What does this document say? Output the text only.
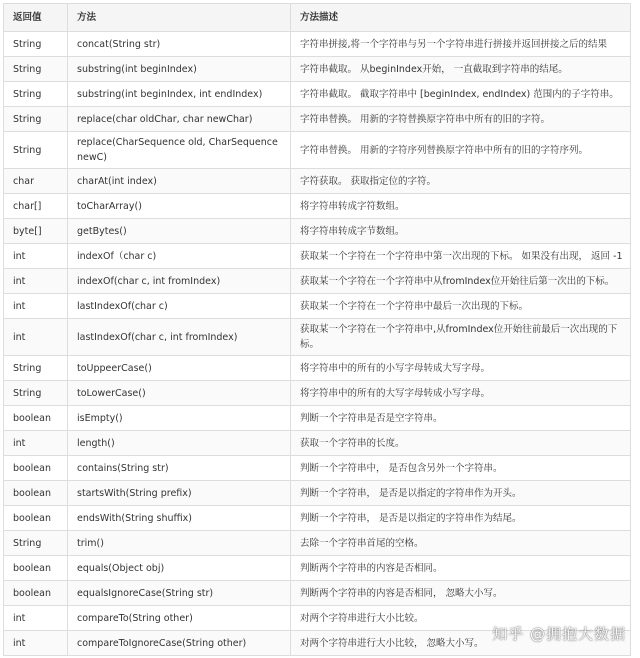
返回值	方法	方法描述
String	concat(String str)	字符串拼接,将一个字符串与另一个字符串进行拼接并返回拼接之后的结果
String	substring(int beginIndex)	字符串截取。 从beginIndex开始， 一直截取到字符串的结尾。
String	substring(int beginIndex, int endIndex)	字符串截取。 截取字符串中 [beginIndex, endIndex) 范围内的子字符串。
String	replace(char oldChar, char newChar)	字符串替换。 用新的字符替换原字符串中所有的旧的字符。
String	replace(CharSequence old, CharSequence newC)	字符串替换。 用新的字符序列替换原字符串中所有的旧的字符序列。
char	charAt(int index)	字符获取。 获取指定位的字符。
char[]	toCharArray()	将字符串转成字符数组。
byte[]	getBytes()	将字符串转成字节数组。
int	indexOf（char c)	获取某一个字符在一个字符串中第一次出现的下标。 如果没有出现， 返回 -1
int	indexOf(char c, int fromIndex)	获取某一个字符在一个字符串中从fromIndex位开始往后第一次出的下标。
int	lastIndexOf(char c)	获取某一个字符在一个字符串中最后一次出现的下标。
int	lastIndexOf(char c, int fromIndex)	获取某一个字符在一个字符串中,从fromIndex位开始往前最后一次出现的下标。
String	toUppeerCase()	将字符串中的所有的小写字母转成大写字母。
String	toLowerCase()	将字符串中的所有的大写字母转成小写字母。
boolean	isEmpty()	判断一个字符串是否是空字符串。
int	length()	获取一个字符串的长度。
boolean	contains(String str)	判断一个字符串中， 是否包含另外一个字符串。
boolean	startsWith(String prefix)	判断一个字符串， 是否是以指定的字符串作为开头。
boolean	endsWith(String shuffix)	判断一个字符串， 是否是以指定的字符串作为结尾。
String	trim()	去除一个字符串首尾的空格。
boolean	equals(Object obj)	判断两个字符串的内容是否相同。
boolean	equalsIgnoreCase(String str)	判断两个字符串的内容是否相同， 忽略大小写。
int	compareTo(String other)	对两个字符串进行大小比较。
int	compareToIgnoreCase(String other)	对两个字符串进行大小比较， 忽略大小写。 知乎 @拥抱大数据
